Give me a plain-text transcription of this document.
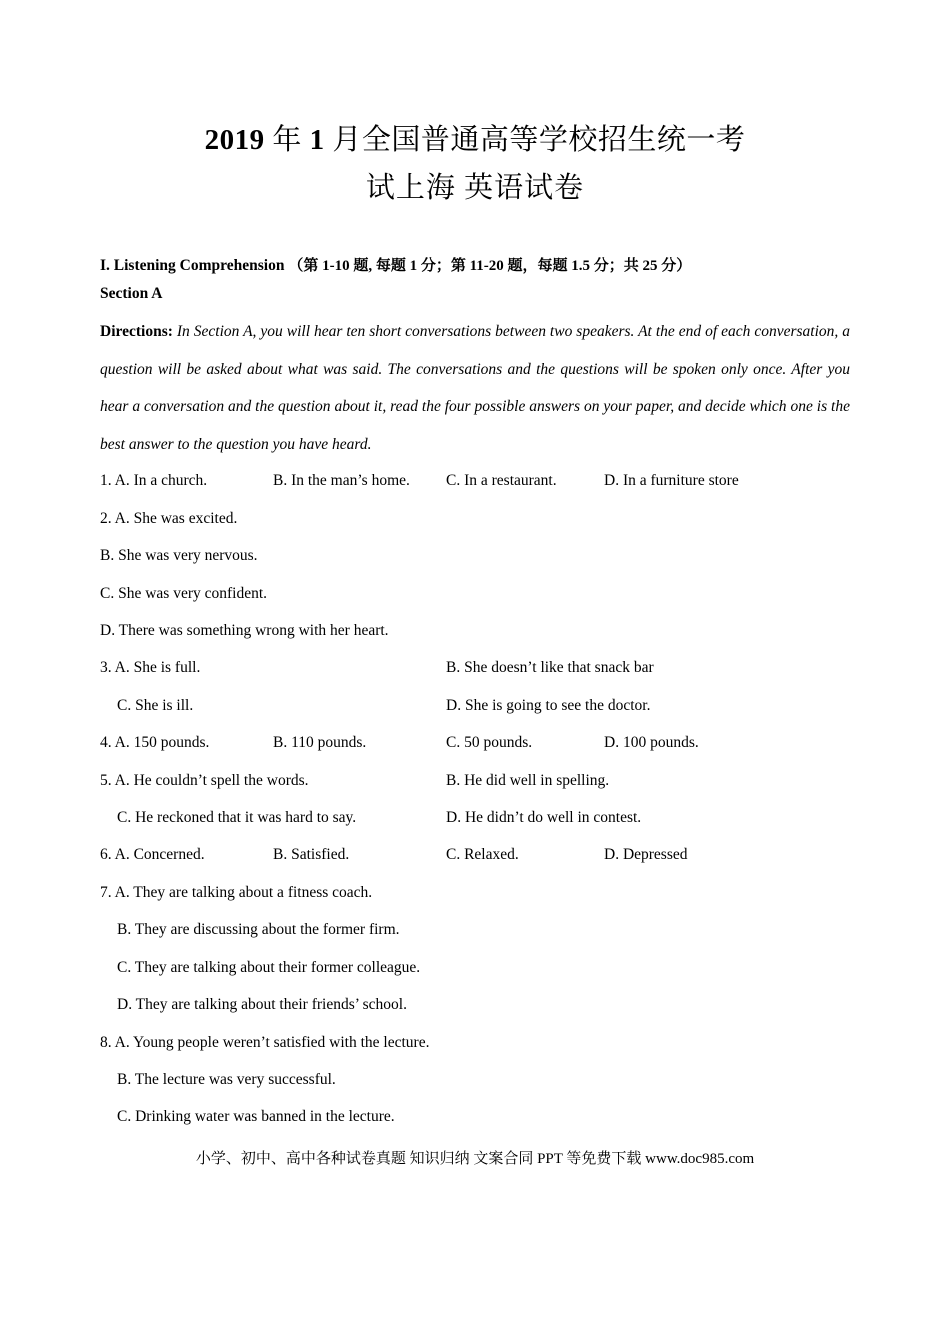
2019 年 1 月全国普通高等学校招生统一考
试上海 英语试卷
I. Listening Comprehension （第 1-10 题, 每题 1 分；第 11-20 题，每题 1.5 分；共 25 分）
Section A
Directions: In Section A, you will hear ten short conversations between two speakers. At the end of each conversation, a question will be asked about what was said. The conversations and the questions will be spoken only once. After you hear a conversation and the question about it, read the four possible answers on your paper, and decide which one is the best answer to the question you have heard.
1. A. In a church.	B. In the man’s home. C. In a restaurant.	D. In a furniture store
2. A. She was excited.
B. She was very nervous.
C. She was very confident.
D. There was something wrong with her heart.
3. A. She is full.	B. She doesn’t like that snack bar
C. She is ill.	D. She is going to see the doctor.
4. A. 150 pounds.	B. 110 pounds.	C. 50 pounds.	D. 100 pounds.
5. A. He couldn’t spell the words.	B. He did well in spelling.
C. He reckoned that it was hard to say.	D. He didn’t do well in contest.
6. A. Concerned.	B. Satisfied.	C. Relaxed.	D. Depressed
7. A. They are talking about a fitness coach.
B. They are discussing about the former firm.
C. They are talking about their former colleague.
D. They are talking about their friends’ school.
8. A. Young people weren’t satisfied with the lecture.
B. The lecture was very successful.
C. Drinking water was banned in the lecture.
小学、初中、高中各种试卷真题 知识归纳 文案合同 PPT 等免费下载 www.doc985.com
